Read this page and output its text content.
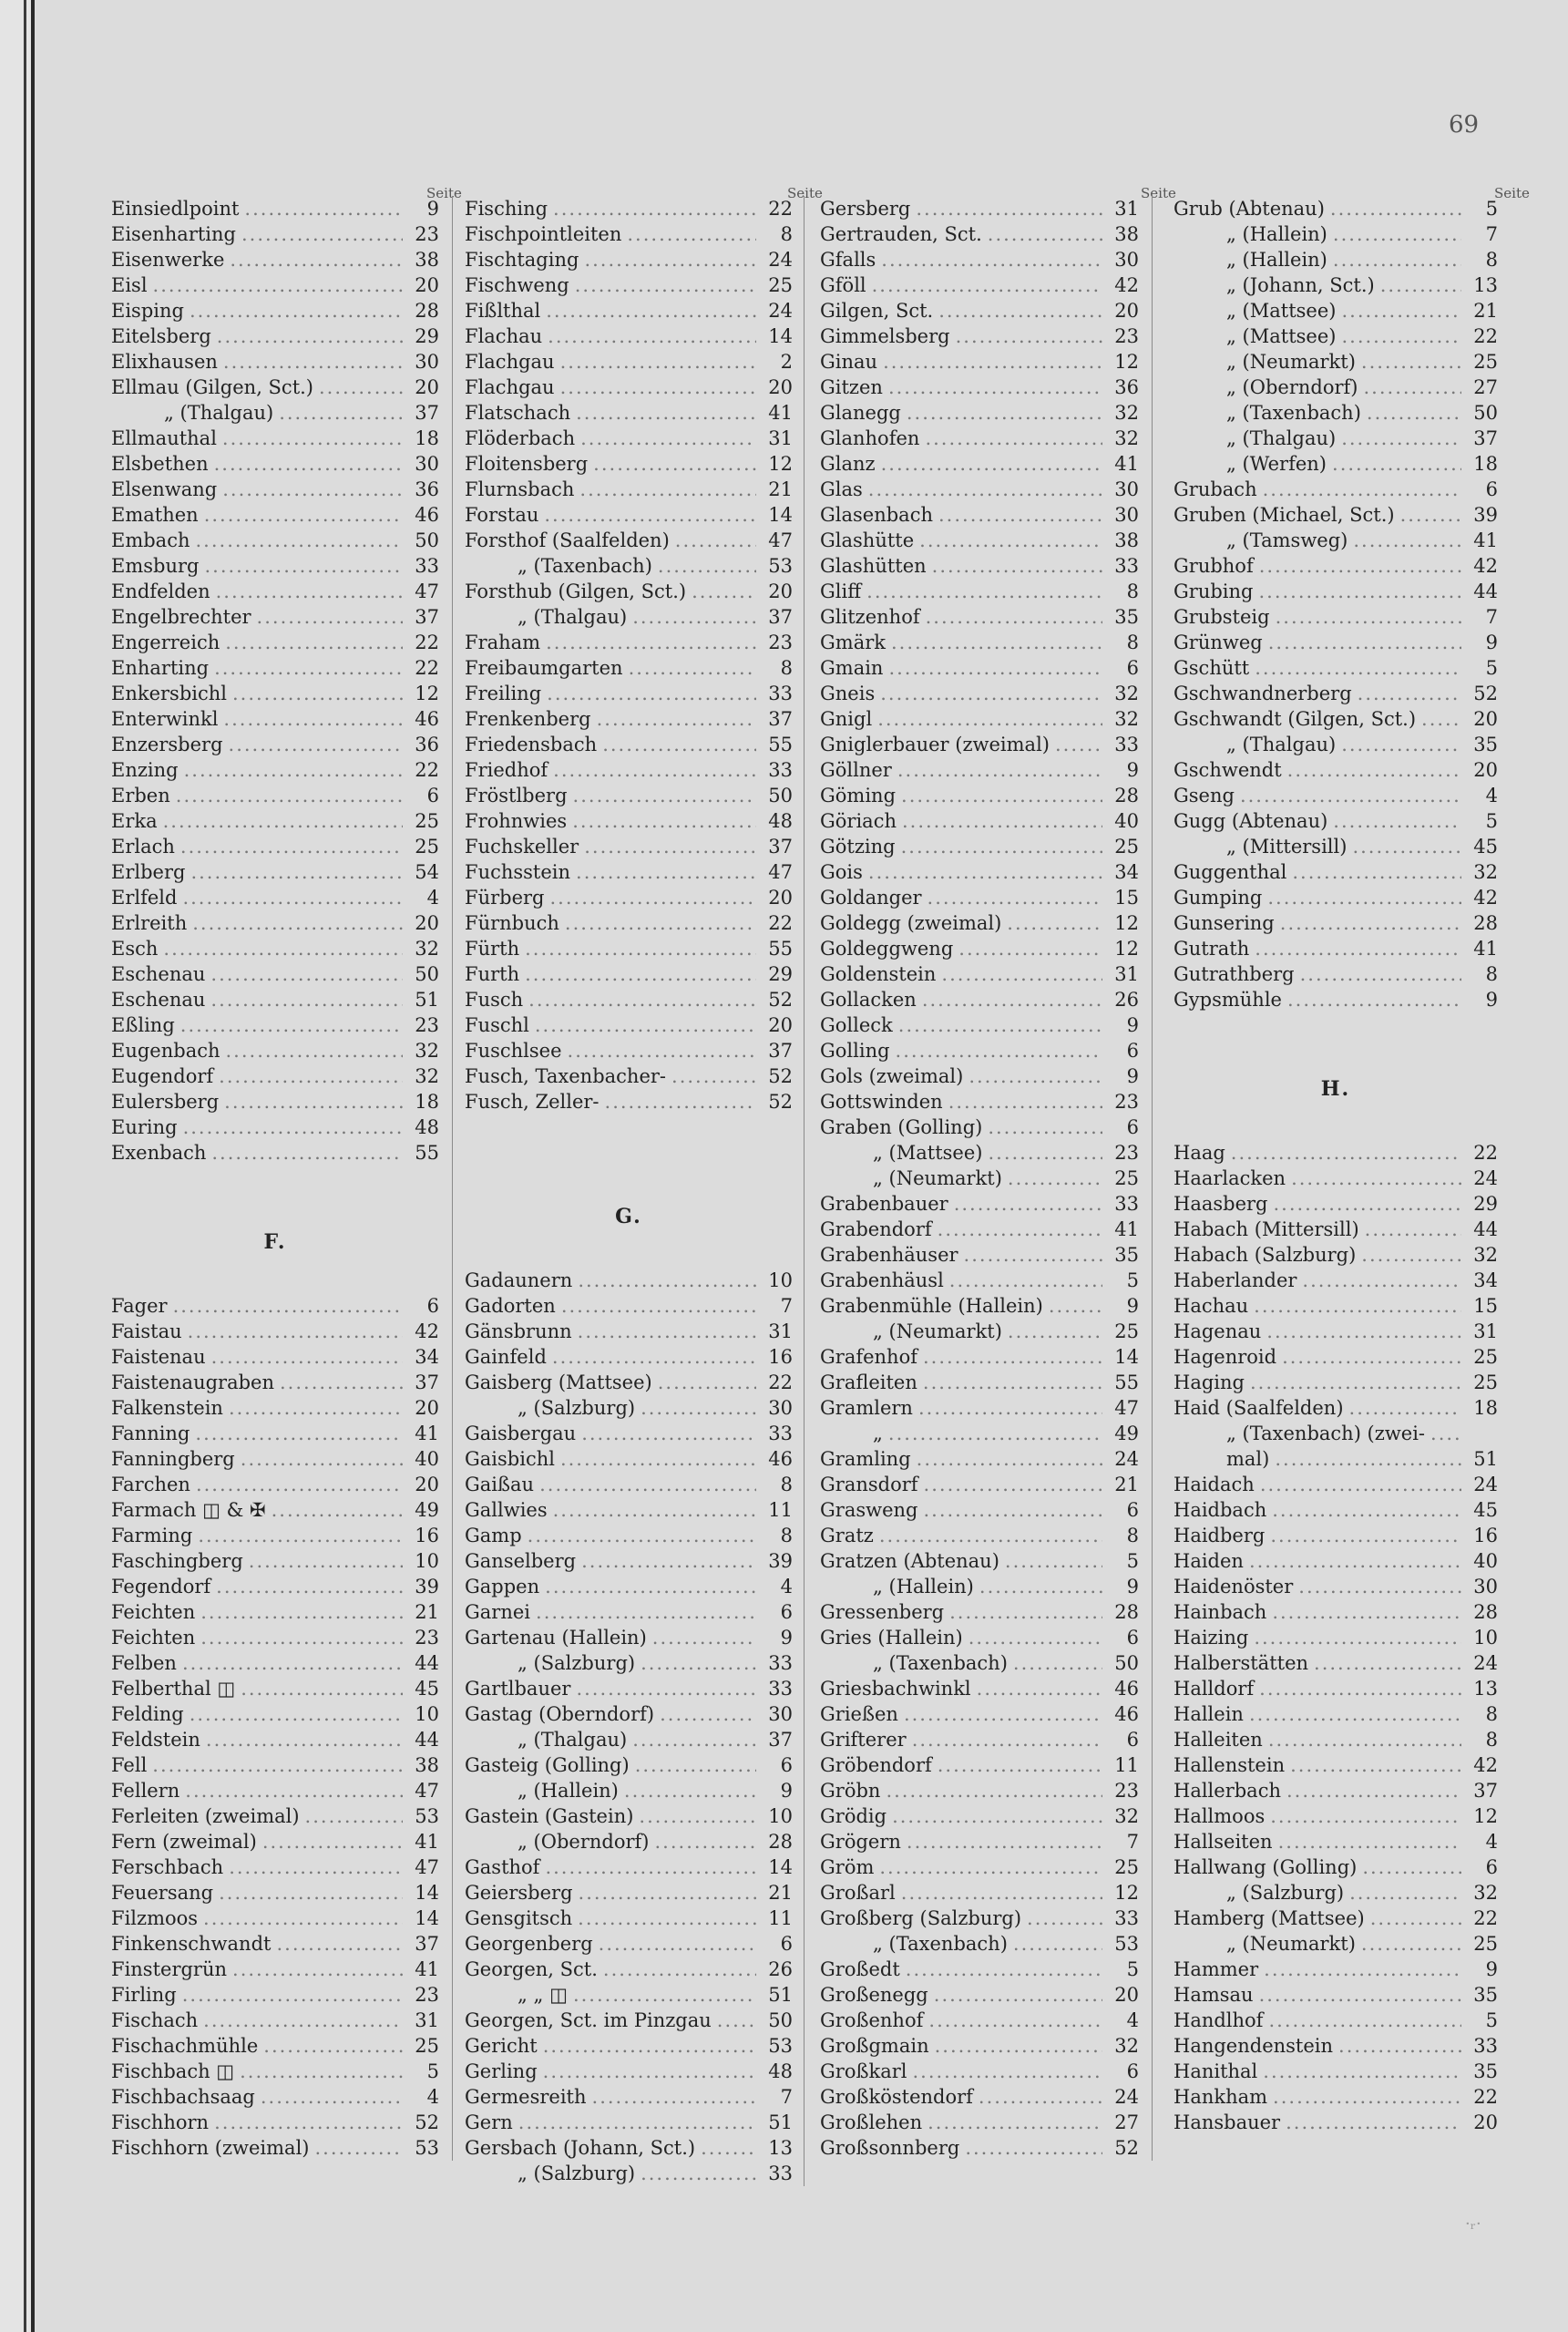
69
Seite	Seite	Seite	Seite
Einsiedlpoint .....	9
Eisenharting .....	23
Eisenwerke .....	38
Eisl .....	20
Eisping .....	28
Eitelsberg .....	29
Elixhausen .....	30
Ellmau (Gilgen, Sct.) .....	20
„ (Thalgau) .....	37
Ellmauthal .....	18
Elsbethen .....	30
Elsenwang .....	36
Emathen .....	46
Embach .....	50
Emsburg .....	33
Endfelden .....	47
Engelbrechter .....	37
Engerreich .....	22
Enharting .....	22
Enkersbichl .....	12
Enterwinkl .....	46
Enzersberg .....	36
Enzing .....	22
Erben .....	6
Erka .....	25
Erlach .....	25
Erlberg .....	54
Erlfeld .....	4
Erlreith .....	20
Esch .....	32
Eschenau .....	50
Eschenau .....	51
Eßling .....	23
Eugenbach .....	32
Eugendorf .....	32
Eulersberg .....	18
Euring .....	48
Exenbach .....	55
F.
Fager .....	6
Faistau .....	42
Faistenau .....	34
Faistenaugraben .....	37
Falkenstein .....	20
Fanning .....	41
Fanningberg .....	40
Farchen .....	20
Farmach ◫ & ✠ .....	49
Farming .....	16
Faschingberg .....	10
Fegendorf .....	39
Feichten .....	21
Feichten .....	23
Felben .....	44
Felberthal ◫ .....	45
Felding .....	10
Feldstein .....	44
Fell .....	38
Fellern .....	47
Ferleiten (zweimal) .....	53
Fern (zweimal) .....	41
Ferschbach .....	47
Feuersang .....	14
Filzmoos .....	14
Finkenschwandt .....	37
Finstergrün .....	41
Firling .....	23
Fischach .....	31
Fischachmühle .....	25
Fischbach ◫ .....	5
Fischbachsaag .....	4
Fischhorn .....	52
Fischhorn (zweimal) .....	53
Fisching .....	22
Fischpointleiten .....	8
Fischtaging .....	24
Fischweng .....	25
Fißlthal .....	24
Flachau .....	14
Flachgau .....	2
Flachgau .....	20
Flatschach .....	41
Flöderbach .....	31
Floitensberg .....	12
Flurnsbach .....	21
Forstau .....	14
Forsthof (Saalfelden) .....	47
„ (Taxenbach) .....	53
Forsthub (Gilgen, Sct.) .....	20
„ (Thalgau) .....	37
Fraham .....	23
Freibaumgarten .....	8
Freiling .....	33
Frenkenberg .....	37
Friedensbach .....	55
Friedhof .....	33
Fröstlberg .....	50
Frohnwies .....	48
Fuchskeller .....	37
Fuchsstein .....	47
Fürberg .....	20
Fürnbuch .....	22
Fürth .....	55
Furth .....	29
Fusch .....	52
Fuschl .....	20
Fuschlsee .....	37
Fusch, Taxenbacher- .....	52
Fusch, Zeller- .....	52
G.
Gadaunern .....	10
Gadorten .....	7
Gänsbrunn .....	31
Gainfeld .....	16
Gaisberg (Mattsee) .....	22
„ (Salzburg) .....	30
Gaisbergau .....	33
Gaisbichl .....	46
Gaißau .....	8
Gallwies .....	11
Gamp .....	8
Ganselberg .....	39
Gappen .....	4
Garnei .....	6
Gartenau (Hallein) .....	9
„ (Salzburg) .....	33
Gartlbauer .....	33
Gastag (Oberndorf) .....	30
„ (Thalgau) .....	37
Gasteig (Golling) .....	6
„ (Hallein) .....	9
Gastein (Gastein) .....	10
„ (Oberndorf) .....	28
Gasthof .....	14
Geiersberg .....	21
Gensgitsch .....	11
Georgenberg .....	6
Georgen, Sct. .....	26
„ „ ◫ .....	51
Georgen, Sct. im Pinzgau .....	50
Gericht .....	53
Gerling .....	48
Germesreith .....	7
Gern .....	51
Gersbach (Johann, Sct.) .....	13
„ (Salzburg) .....	33
Gersberg .....	31
Gertrauden, Sct. .....	38
Gfalls .....	30
Gföll .....	42
Gilgen, Sct. .....	20
Gimmelsberg .....	23
Ginau .....	12
Gitzen .....	36
Glanegg .....	32
Glanhofen .....	32
Glanz .....	41
Glas .....	30
Glasenbach .....	30
Glashütte .....	38
Glashütten .....	33
Gliff .....	8
Glitzenhof .....	35
Gmärk .....	8
Gmain .....	6
Gneis .....	32
Gnigl .....	32
Gniglerbauer (zweimal) .....	33
Göllner .....	9
Göming .....	28
Göriach .....	40
Götzing .....	25
Gois .....	34
Goldanger .....	15
Goldegg (zweimal) .....	12
Goldeggweng .....	12
Goldenstein .....	31
Gollacken .....	26
Golleck .....	9
Golling .....	6
Gols (zweimal) .....	9
Gottswinden .....	23
Graben (Golling) .....	6
„ (Mattsee) .....	23
„ (Neumarkt) .....	25
Grabenbauer .....	33
Grabendorf .....	41
Grabenhäuser .....	35
Grabenhäusl .....	5
Grabenmühle (Hallein) .....	9
„ (Neumarkt) .....	25
Grafenhof .....	14
Grafleiten .....	55
Gramlern .....	47
„ .....	49
Gramling .....	24
Gransdorf .....	21
Grasweng .....	6
Gratz .....	8
Gratzen (Abtenau) .....	5
„ (Hallein) .....	9
Gressenberg .....	28
Gries (Hallein) .....	6
„ (Taxenbach) .....	50
Griesbachwinkl .....	46
Grießen .....	46
Grifterer .....	6
Gröbendorf .....	11
Gröbn .....	23
Grödig .....	32
Grögern .....	7
Gröm .....	25
Großarl .....	12
Großberg (Salzburg) .....	33
„ (Taxenbach) .....	53
Großedt .....	5
Großenegg .....	20
Großenhof .....	4
Großgmain .....	32
Großkarl .....	6
Großköstendorf .....	24
Großlehen .....	27
Großsonnberg .....	52
Grub (Abtenau) .....	5
„ (Hallein) .....	7
„ (Hallein) .....	8
„ (Johann, Sct.) .....	13
„ (Mattsee) .....	21
„ (Mattsee) .....	22
„ (Neumarkt) .....	25
„ (Oberndorf) .....	27
„ (Taxenbach) .....	50
„ (Thalgau) .....	37
„ (Werfen) .....	18
Grubach .....	6
Gruben (Michael, Sct.) .....	39
„ (Tamsweg) .....	41
Grubhof .....	42
Grubing .....	44
Grubsteig .....	7
Grünweg .....	9
Gschütt .....	5
Gschwandnerberg .....	52
Gschwandt (Gilgen, Sct.) .....	20
„ (Thalgau) .....	35
Gschwendt .....	20
Gseng .....	4
Gugg (Abtenau) .....	5
„ (Mittersill) .....	45
Guggenthal .....	32
Gumping .....	42
Gunsering .....	28
Gutrath .....	41
Gutrathberg .....	8
Gypsmühle .....	9
H.
Haag .....	22
Haarlacken .....	24
Haasberg .....	29
Habach (Mittersill) .....	44
Habach (Salzburg) .....	32
Haberlander .....	34
Hachau .....	15
Hagenau .....	31
Hagenroid .....	25
Haging .....	25
Haid (Saalfelden) .....	18
„ (Taxenbach) (zwei-
.....
mal) .....	51
Haidach .....	24
Haidbach .....	45
Haidberg .....	16
Haiden .....	40
Haidenöster .....	30
Hainbach .....	28
Haizing .....	10
Halberstätten .....	24
Halldorf .....	13
Hallein .....	8
Halleiten .....	8
Hallenstein .....	42
Hallerbach .....	37
Hallmoos .....	12
Hallseiten .....	4
Hallwang (Golling) .....	6
„ (Salzburg) .....	32
Hamberg (Mattsee) .....	22
„ (Neumarkt) .....	25
Hammer .....	9
Hamsau .....	35
Handlhof .....	5
Hangendenstein .....	33
Hanithal .....	35
Hankham .....	22
Hansbauer .....	20
·ᵣ·
